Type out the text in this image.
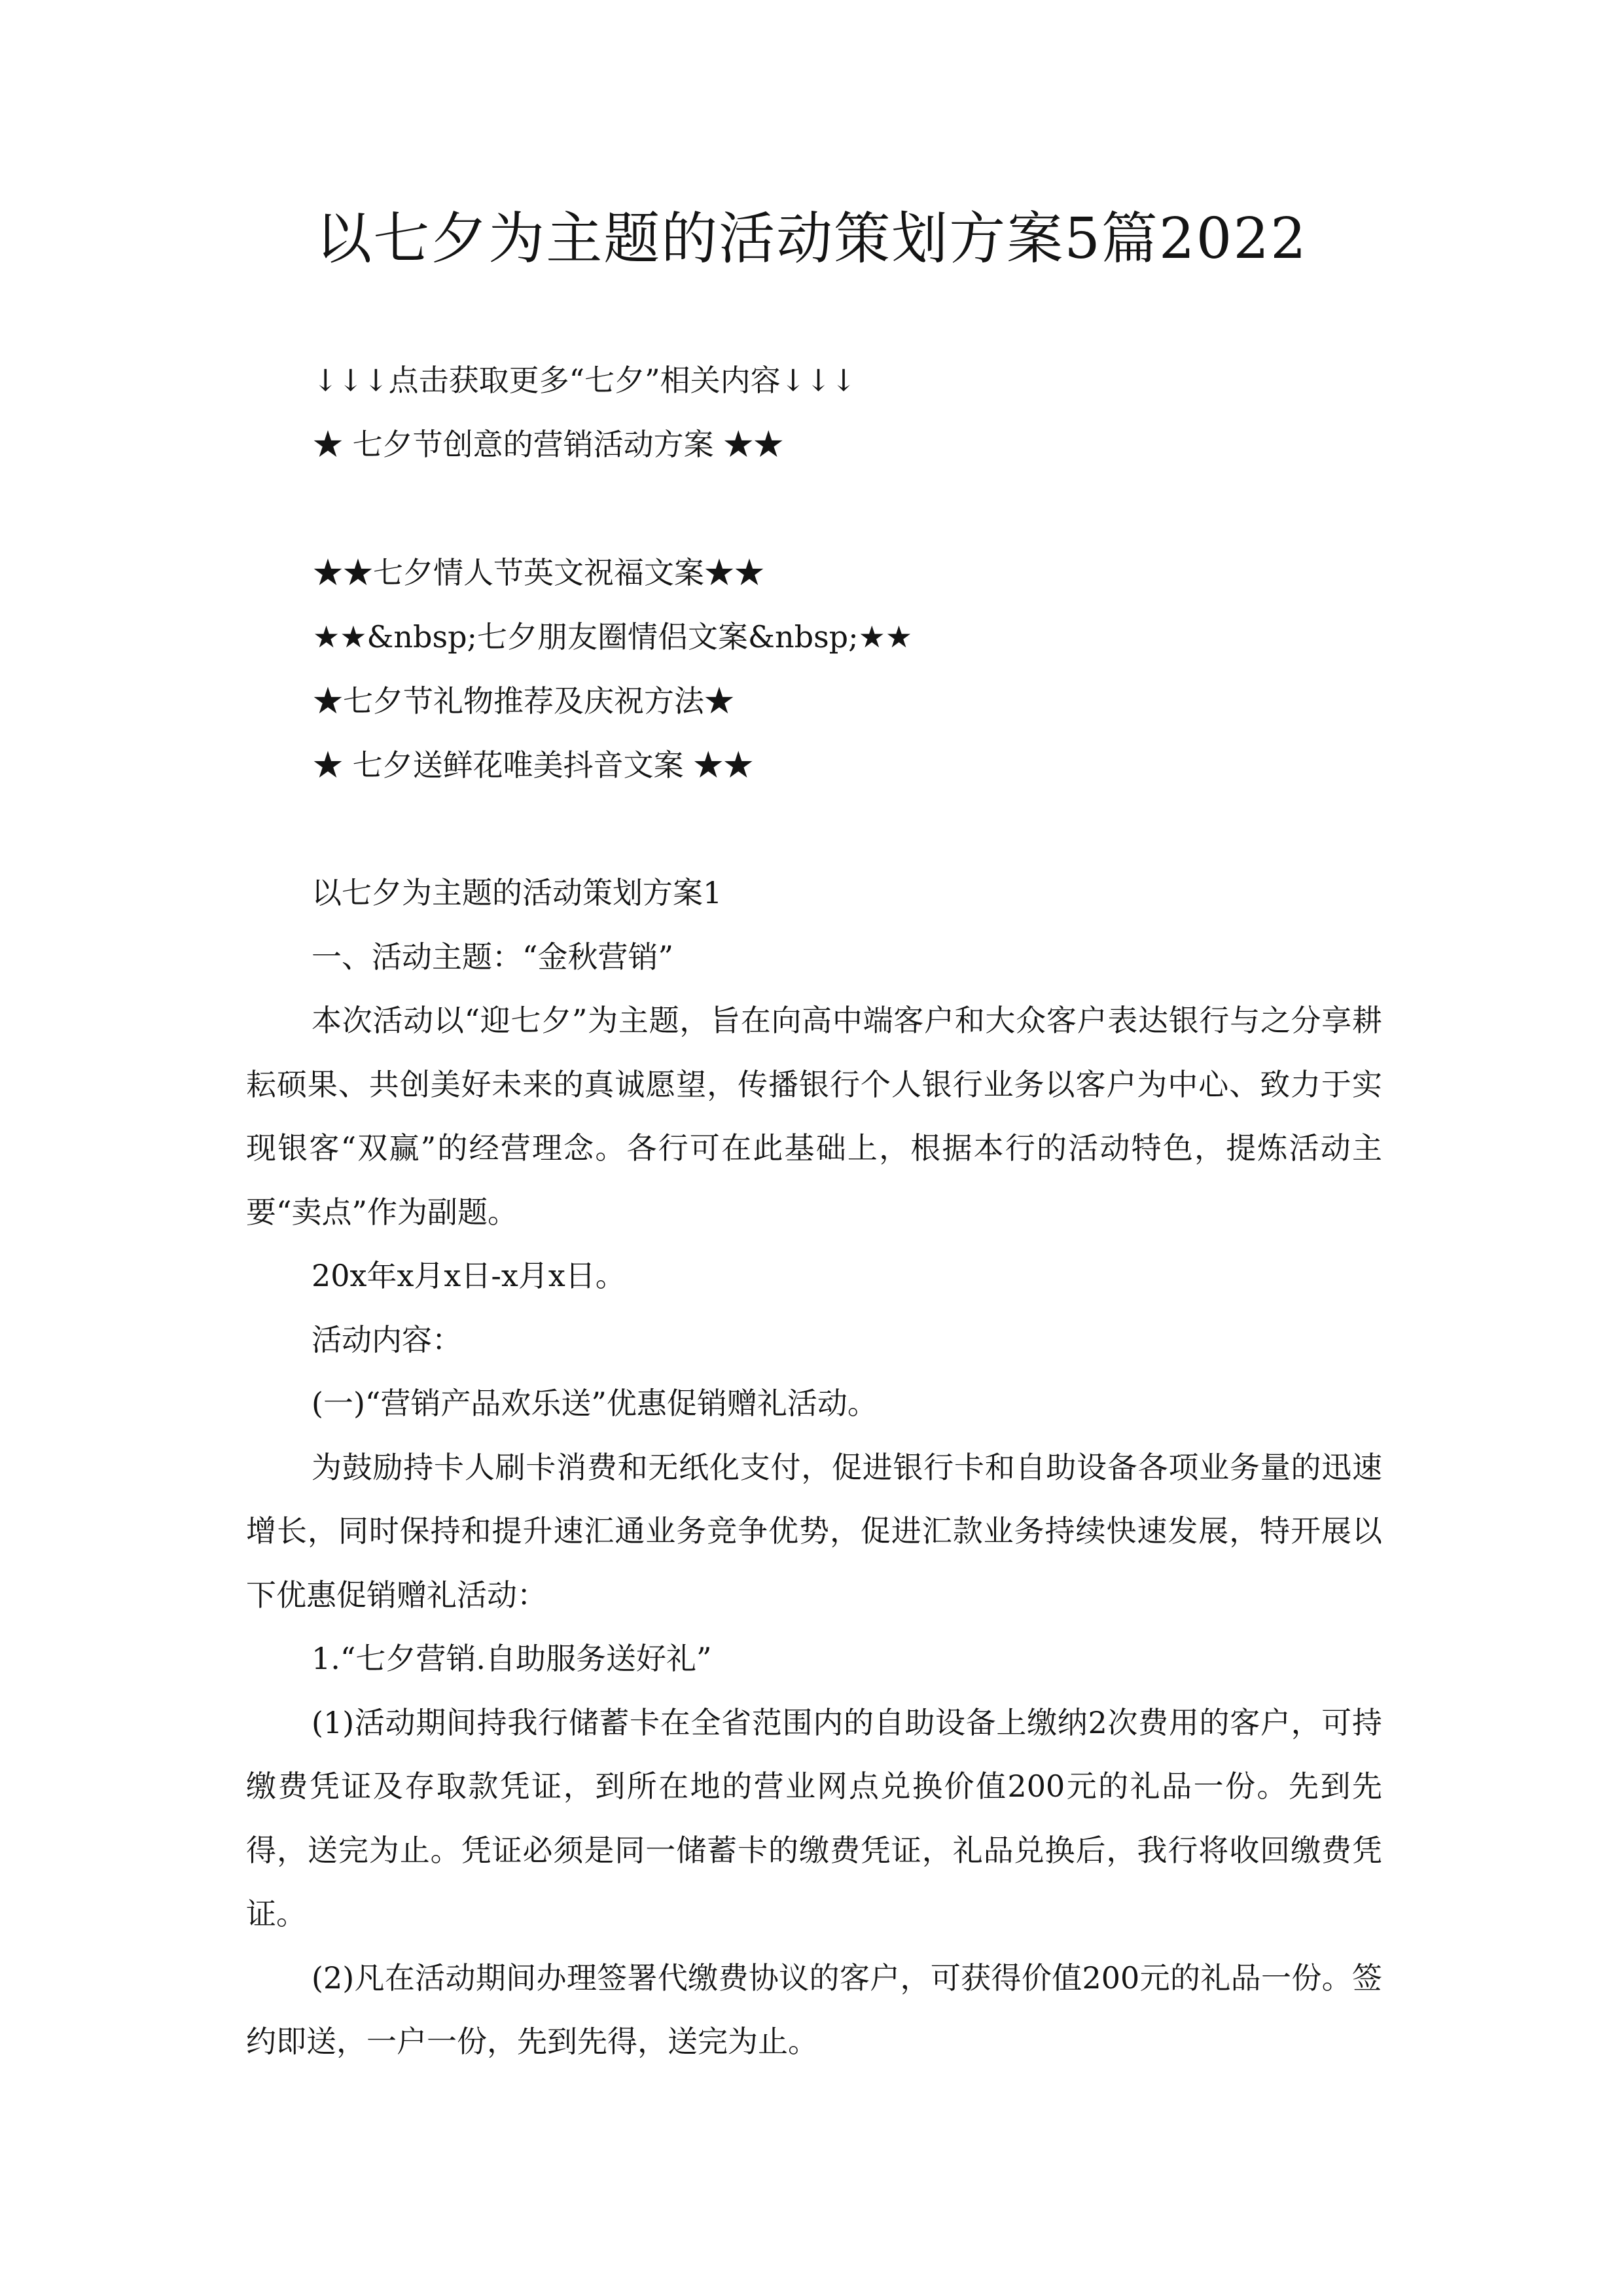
以七夕为主题的活动策划方案5篇2022
↓↓↓点击获取更多“七夕”相关内容↓↓↓
★ 七夕节创意的营销活动方案 ★★
★★七夕情人节英文祝福文案★★
★★&nbsp;七夕朋友圈情侣文案&nbsp;★★
★七夕节礼物推荐及庆祝方法★
★ 七夕送鲜花唯美抖音文案 ★★

以七夕为主题的活动策划方案1

一、活动主题：“金秋营销”

本次活动以“迎七夕”为主题，旨在向高中端客户和大众客户表达银行与之分享耕耘硕果、共创美好未来的真诚愿望，传播银行个人银行业务以客户为中心、致力于实现银客“双赢”的经营理念。各行可在此基础上，根据本行的活动特色，提炼活动主要“卖点”作为副题。

20x年x月x日-x月x日。

活动内容：

(一)“营销产品欢乐送”优惠促销赠礼活动。

为鼓励持卡人刷卡消费和无纸化支付，促进银行卡和自助设备各项业务量的迅速增长，同时保持和提升速汇通业务竞争优势，促进汇款业务持续快速发展，特开展以下优惠促销赠礼活动：

1.“七夕营销.自助服务送好礼”

(1)活动期间持我行储蓄卡在全省范围内的自助设备上缴纳2次费用的客户，可持缴费凭证及存取款凭证，到所在地的营业网点兑换价值200元的礼品一份。先到先得，送完为止。凭证必须是同一储蓄卡的缴费凭证，礼品兑换后，我行将收回缴费凭证。

(2)凡在活动期间办理签署代缴费协议的客户，可获得价值200元的礼品一份。签约即送，一户一份，先到先得，送完为止。
